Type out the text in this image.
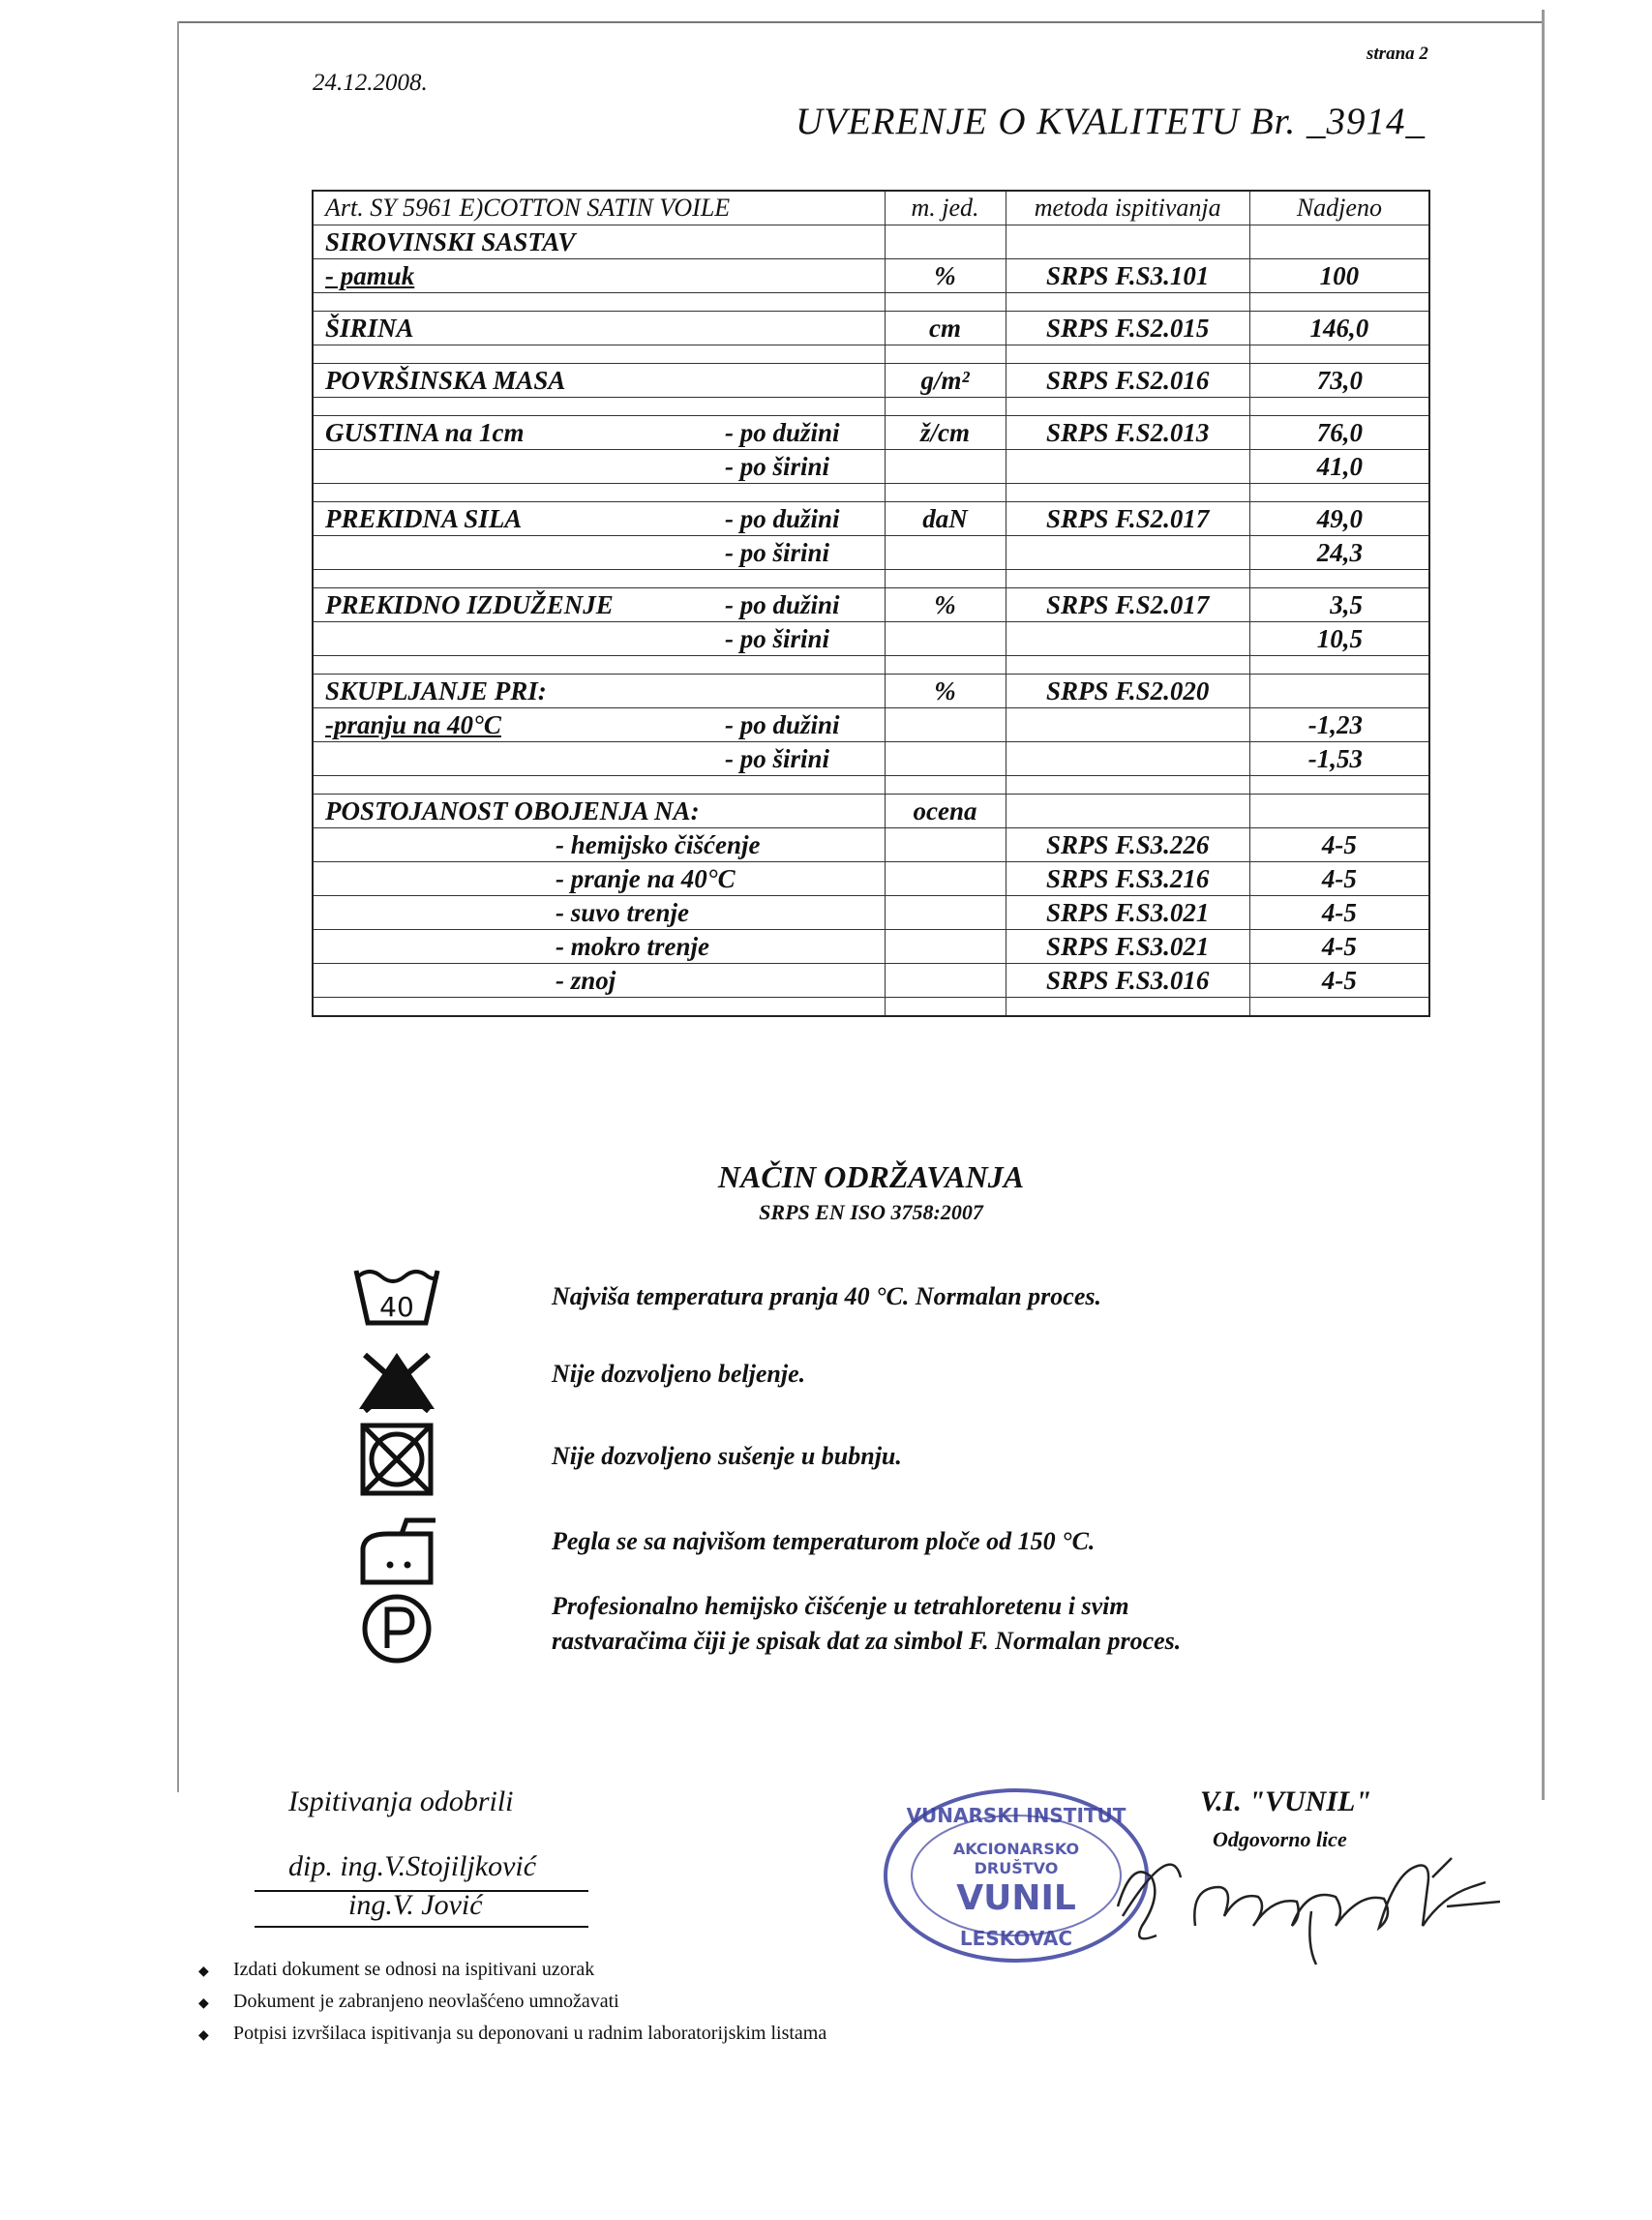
strana 2
24.12.2008.
UVERENJE O KVALITETU Br. _3914_
Art. SY 5961 E)COTTON SATIN VOILE	m. jed.	metoda ispitivanja	Nadjeno
SIROVINSKI SASTAV			
- pamuk	%	SRPS F.S3.101	100

ŠIRINA	cm	SRPS F.S2.015	146,0

POVRŠINSKA MASA	g/m²	SRPS F.S2.016	73,0

GUSTINA na 1cm - po dužini	ž/cm	SRPS F.S2.013	76,0
- po širini			41,0

PREKIDNA SILA - po dužini	daN	SRPS F.S2.017	49,0
- po širini			24,3

PREKIDNO IZDUŽENJE - po dužini	%	SRPS F.S2.017	3,5
- po širini			10,5

SKUPLJANJE PRI:	%	SRPS F.S2.020	
-pranju na 40°C - po dužini			-1,23
- po širini			-1,53

POSTOJANOST OBOJENJA NA:	ocena		
- hemijsko čišćenje		SRPS F.S3.226	4-5
- pranje na 40°C		SRPS F.S3.216	4-5
- suvo trenje		SRPS F.S3.021	4-5
- mokro trenje		SRPS F.S3.021	4-5
- znoj		SRPS F.S3.016	4-5

NAČIN ODRŽAVANJA
SRPS EN ISO 3758:2007
40	Najviša temperatura pranja 40 °C. Normalan proces.
Nije dozvoljeno beljenje.
Nije dozvoljeno sušenje u bubnju.
Pegla se sa najvišom temperaturom ploče od 150 °C.
Profesionalno hemijsko čišćenje u tetrahloretenu i svim
rastvaračima čiji je spisak dat za simbol F. Normalan proces.
Ispitivanja odobrili
dip. ing.V.Stojiljković
ing.V. Jović
V.I. "VUNIL"
Odgovorno lice
VUNARSKI INSTITUT
AKCIONARSKO
DRUŠTVO
VUNIL
LESKOVAC
◆ Izdati dokument se odnosi na ispitivani uzorak
◆ Dokument je zabranjeno neovlašćeno umnožavati
◆ Potpisi izvršilaca ispitivanja su deponovani u radnim laboratorijskim listama
